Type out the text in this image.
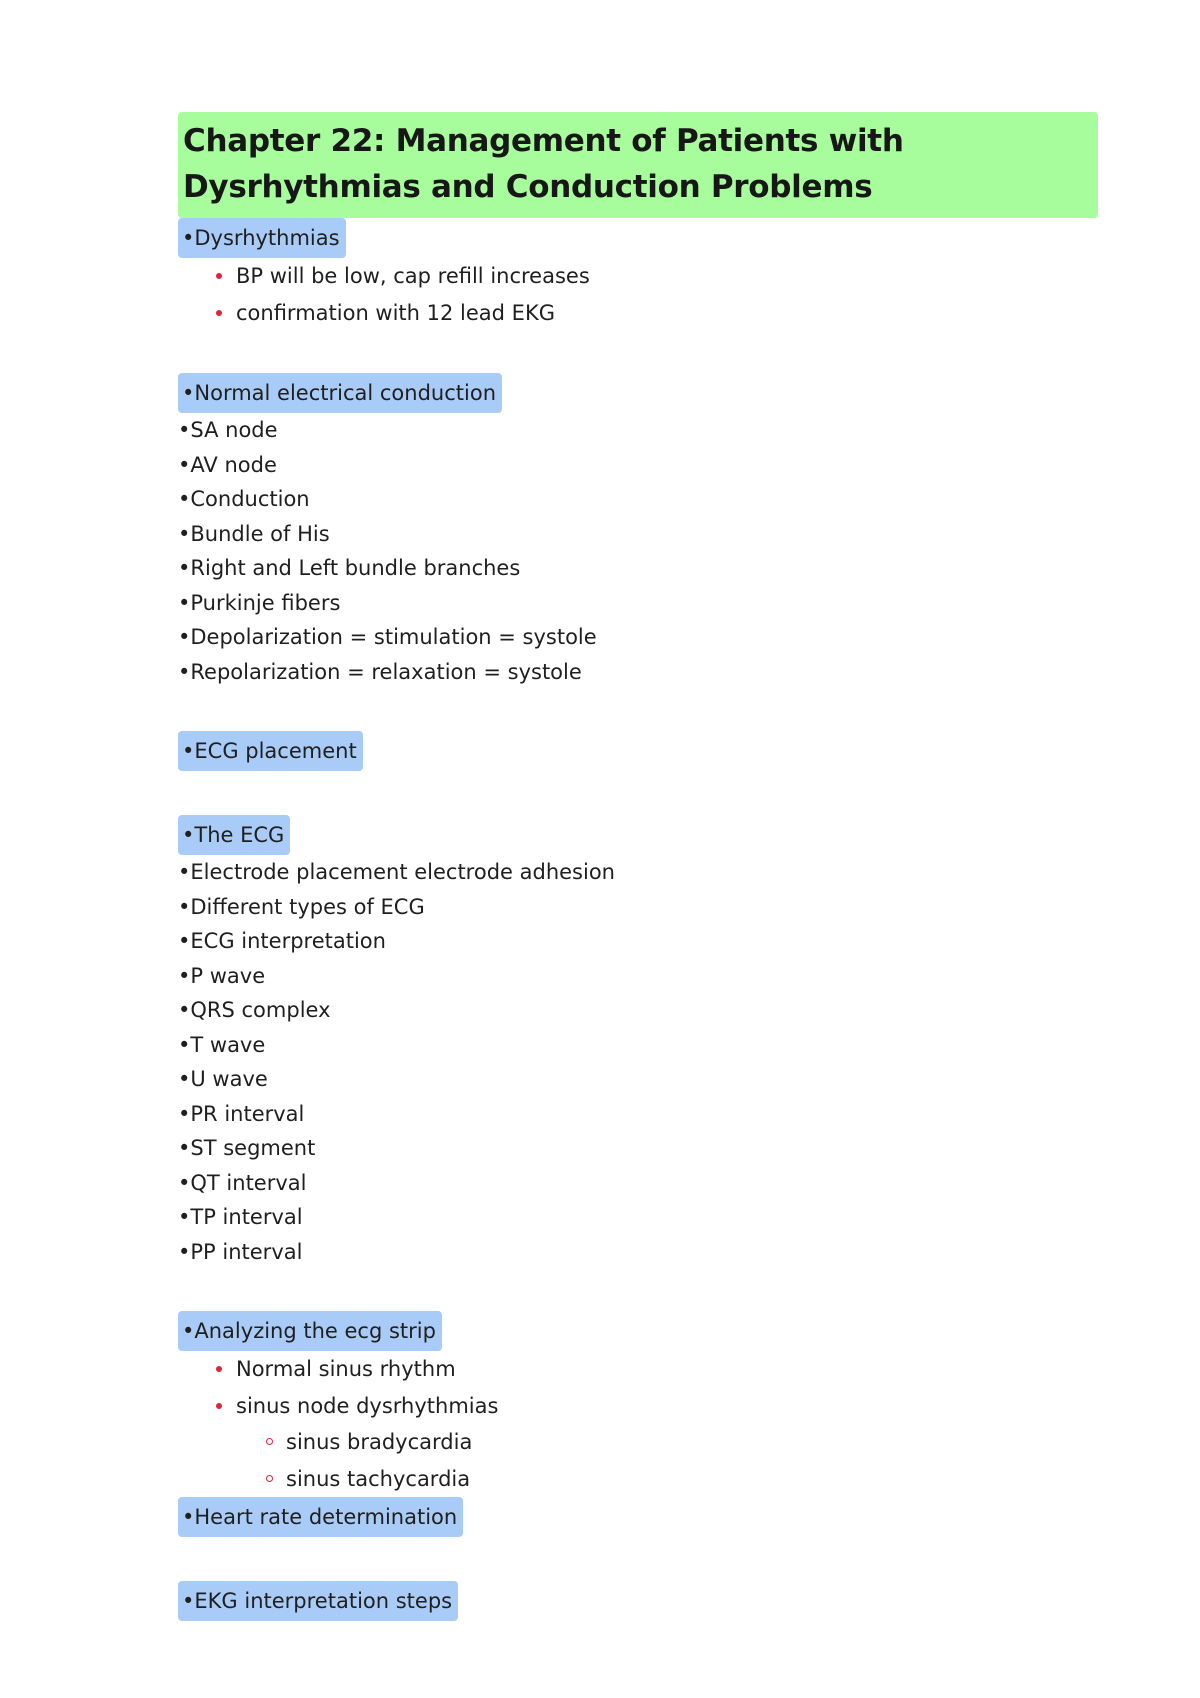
Chapter 22: Management of Patients with
Dysrhythmias and Conduction Problems
•Dysrhythmias
BP will be low, cap refill increases
confirmation with 12 lead EKG
•Normal electrical conduction
•SA node
•AV node
•Conduction
•Bundle of His
•Right and Left bundle branches
•Purkinje fibers
•Depolarization = stimulation = systole
•Repolarization = relaxation = systole
•ECG placement
•The ECG
•Electrode placement electrode adhesion
•Different types of ECG
•ECG interpretation
•P wave
•QRS complex
•T wave
•U wave
•PR interval
•ST segment
•QT interval
•TP interval
•PP interval
•Analyzing the ecg strip
Normal sinus rhythm
sinus node dysrhythmias
sinus bradycardia
sinus tachycardia
•Heart rate determination
•EKG interpretation steps
